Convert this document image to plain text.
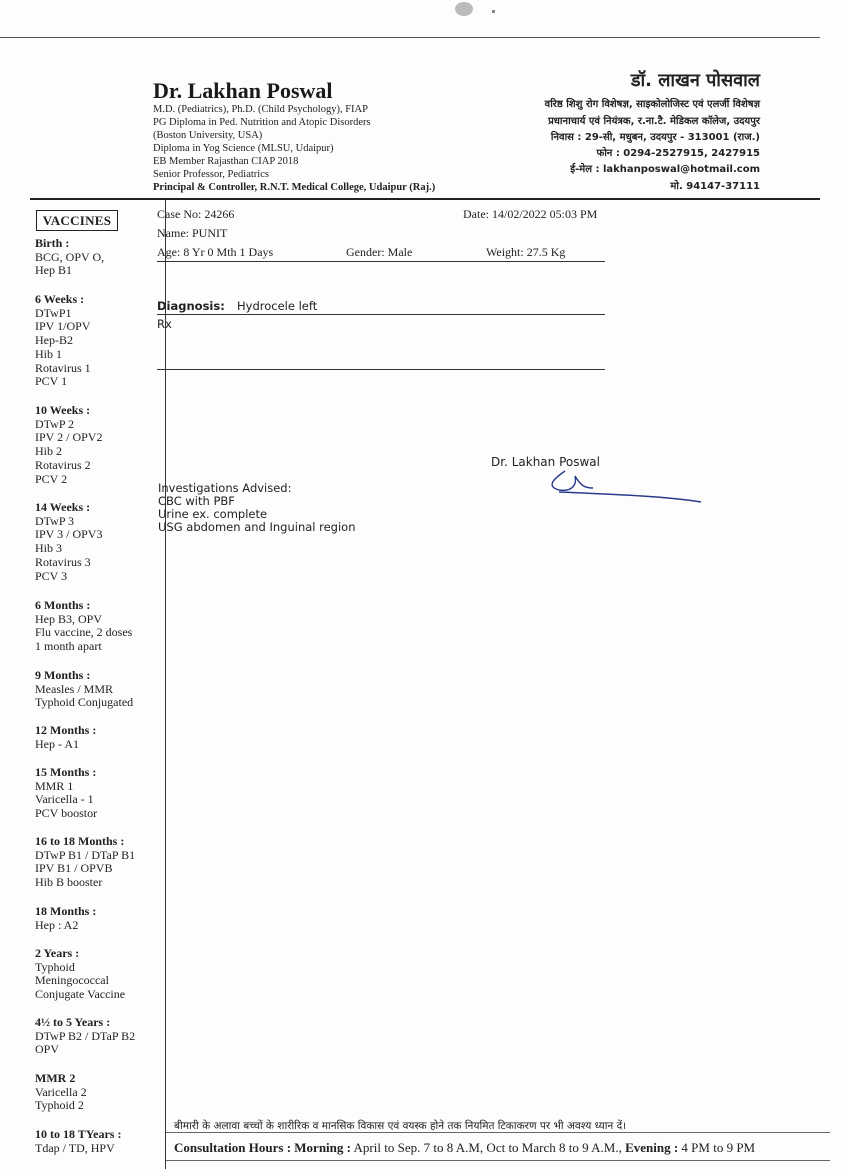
Dr. Lakhan Poswal
M.D. (Pediatrics), Ph.D. (Child Psychology), FIAP
PG Diploma in Ped. Nutrition and Atopic Disorders
(Boston University, USA)
Diploma in Yog Science (MLSU, Udaipur)
EB Member Rajasthan CIAP 2018
Senior Professor, Pediatrics
Principal & Controller, R.N.T. Medical College, Udaipur (Raj.)
डॉ. लाखन पोसवाल
वरिष्ठ शिशु रोग विशेषज्ञ, साइकोलोजिस्ट एवं एलर्जी विशेषज्ञ
प्रधानाचार्य एवं नियंत्रक, र.ना.टै. मेडिकल कॉलेज, उदयपुर
निवास : 29-सी, मधुबन, उदयपुर - 313001 (राज.)
फोन : 0294-2527915, 2427915
ई-मेल : lakhanposwal@hotmail.com
मो. 94147-37111
VACCINES
Birth :
BCG, OPV O,
Hep B1
6 Weeks :
DTwP1
IPV 1/OPV
Hep-B2
Hib 1
Rotavirus 1
PCV 1
10 Weeks :
DTwP 2
IPV 2 / OPV2
Hib 2
Rotavirus 2
PCV 2
14 Weeks :
DTwP 3
IPV 3 / OPV3
Hib 3
Rotavirus 3
PCV 3
6 Months :
Hep B3, OPV
Flu vaccine, 2 doses
1 month apart
9 Months :
Measles / MMR
Typhoid Conjugated
12 Months :
Hep - A1
15 Months :
MMR 1
Varicella - 1
PCV boostor
16 to 18 Months :
DTwP B1 / DTaP B1
IPV B1 / OPVB
Hib B booster
18 Months :
Hep : A2
2 Years :
Typhoid
Meningococcal
Conjugate Vaccine
4½ to 5 Years :
DTwP B2 / DTaP B2
OPV
MMR 2
Varicella 2
Typhoid 2
10 to 18 TYears :
Tdap / TD, HPV
Case No: 24266	Date: 14/02/2022 05:03 PM
Name: PUNIT
Age: 8 Yr 0 Mth 1 Days	Gender: Male	Weight: 27.5 Kg
Diagnosis: Hydrocele left
Rx
Dr. Lakhan Poswal
Investigations Advised:
CBC with PBF
Urine ex. complete
USG abdomen and Inguinal region
बीमारी के अलावा बच्चों के शारीरिक व मानसिक विकास एवं वयस्क होने तक नियमित टिकाकरण पर भी अवश्य ध्यान दें।
Consultation Hours : Morning : April to Sep. 7 to 8 A.M, Oct to March 8 to 9 A.M., Evening : 4 PM to 9 PM
